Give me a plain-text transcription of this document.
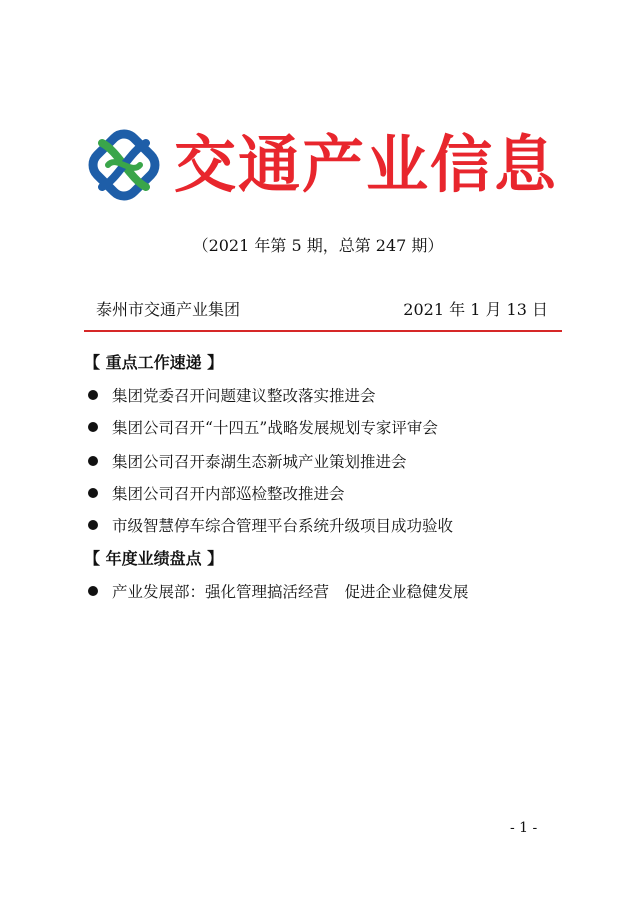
交通产业信息
（2021 年第 5 期，总第 247 期）
泰州市交通产业集团	2021 年 1 月 13 日
【 重点工作速递 】
集团党委召开问题建议整改落实推进会
集团公司召开“十四五”战略发展规划专家评审会
集团公司召开泰湖生态新城产业策划推进会
集团公司召开内部巡检整改推进会
市级智慧停车综合管理平台系统升级项目成功验收
【 年度业绩盘点 】
产业发展部：强化管理搞活经营　促进企业稳健发展
- 1 -
